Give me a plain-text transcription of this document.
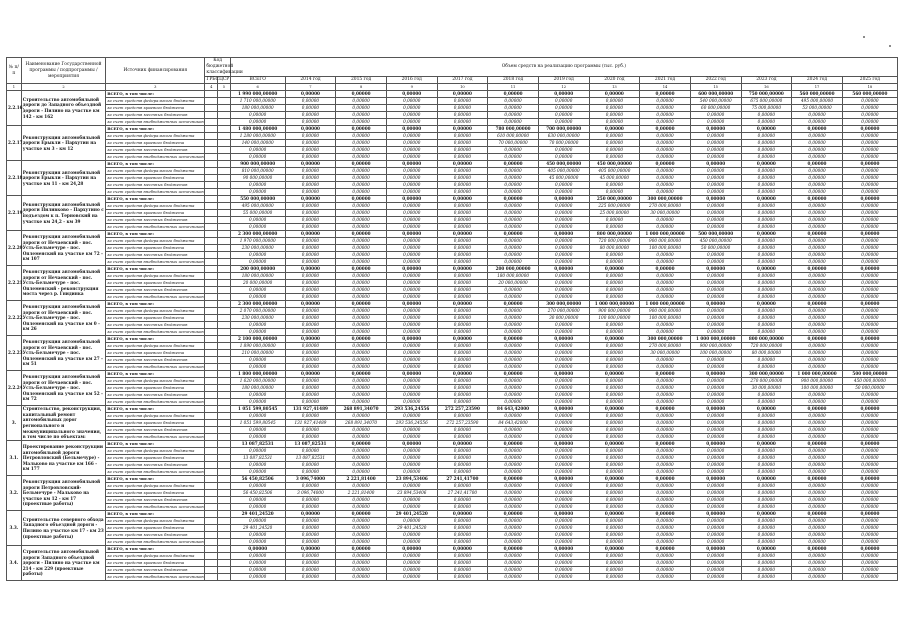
№ п/п	Наименование Государственной программы / подпрограммы / мероприятия	Источник финансирования	Код бюджетной классификации		Объем средств на реализацию программы (тыс. руб.)												
			ГРБС	ЦСР	ВСЕГО	2014 год	2015 год	2016 год	2017 год	2018 год	2019 год	2020 год	2021 год	2022 год	2023 год	2024 год	2025 год
1	2	3	4	5	6	7	8	9	10	11	12	13	14	15	16	17	18
2.2.16.	Строительство автомобильной дороги до Западного объездной дороги - Пилино на участке км 142 - км 162	ВСЕГО, в том числе:			1 990 000,00000	0,00000	0,00000	0,00000	0,00000	0,00000	0,00000	0,00000	0,00000	600 000,00000	750 000,00000	560 000,00000	560 000,00000
		за счет средств федерального бюджета			1 710 000,00000	0,00000	0,00000	0,00000	0,00000	0,00000	0,00000	0,00000	0,00000	540 000,00000	675 000,00000	495 000,00000	0,00000
		за счет средств краевого бюджета			180 000,00000	0,00000	0,00000	0,00000	0,00000	0,00000	0,00000	0,00000	0,00000	60 000,00000	75 000,00000	53 000,00000	0,00000
		за счет средств местных бюджетов			0,00000	0,00000	0,00000	0,00000	0,00000	0,00000	0,00000	0,00000	0,00000	0,00000	0,00000	0,00000	0,00000
		за счет средств внебюджетных источников			0,00000	0,00000	0,00000	0,00000	0,00000	0,00000	0,00000	0,00000	0,00000	0,00000	0,00000	0,00000	0,00000
2.2.17.	Реконструкция автомобильной дороги Ерыкли - Пархутин на участке км 3 - км 12	ВСЕГО, в том числе:			1 480 000,00000	0,00000	0,00000	0,00000	0,00000	780 000,00000	700 000,00000	0,00000	0,00000	0,00000	0,00000	0,00000	0,00000
		за счет средств федерального бюджета			1 280 000,00000	0,00000	0,00000	0,00000	0,00000	610 000,00000	630 000,00000	0,00000	0,00000	0,00000	0,00000	0,00000	0,00000
		за счет средств краевого бюджета			140 000,00000	0,00000	0,00000	0,00000	0,00000	70 000,00000	70 000,00000	0,00000	0,00000	0,00000	0,00000	0,00000	0,00000
		за счет средств местных бюджетов			0,00000	0,00000	0,00000	0,00000	0,00000	0,00000	0,00000	0,00000	0,00000	0,00000	0,00000	0,00000	0,00000
		за счет средств внебюджетных источников			0,00000	0,00000	0,00000	0,00000	0,00000	0,00000	0,00000	0,00000	0,00000	0,00000	0,00000	0,00000	0,00000
2.2.18.	Реконструкция автомобильной дороги Ерыкли - Пархутин на участке км 11 - км 24,28	ВСЕГО, в том числе:			900 000,00000	0,00000	0,00000	0,00000	0,00000	0,00000	450 000,00000	450 000,00000	0,00000	0,00000	0,00000	0,00000	0,00000
		за счет средств федерального бюджета			810 000,00000	0,00000	0,00000	0,00000	0,00000	0,00000	405 000,00000	405 000,00000	0,00000	0,00000	0,00000	0,00000	0,00000
		за счет средств краевого бюджета			90 000,00000	0,00000	0,00000	0,00000	0,00000	0,00000	45 000,00000	45 000,00000	0,00000	0,00000	0,00000	0,00000	0,00000
		за счет средств местных бюджетов			0,00000	0,00000	0,00000	0,00000	0,00000	0,00000	0,00000	0,00000	0,00000	0,00000	0,00000	0,00000	0,00000
		за счет средств внебюджетных источников			0,00000	0,00000	0,00000	0,00000	0,00000	0,00000	0,00000	0,00000	0,00000	0,00000	0,00000	0,00000	0,00000
2.2.19.	Реконструкция автомобильной дороги Пиливково - Пархутино с подъездом к п. Терновский на участке км 24,2 - км 39	ВСЕГО, в том числе:			550 000,00000	0,00000	0,00000	0,00000	0,00000	0,00000	0,00000	250 000,00000	300 000,00000	0,00000	0,00000	0,00000	0,00000
		за счет средств федерального бюджета			495 000,00000	0,00000	0,00000	0,00000	0,00000	0,00000	0,00000	225 000,00000	270 000,00000	0,00000	0,00000	0,00000	0,00000
		за счет средств краевого бюджета			55 000,00000	0,00000	0,00000	0,00000	0,00000	0,00000	0,00000	25 000,00000	30 000,00000	0,00000	0,00000	0,00000	0,00000
		за счет средств местных бюджетов			0,00000	0,00000	0,00000	0,00000	0,00000	0,00000	0,00000	0,00000	0,00000	0,00000	0,00000	0,00000	0,00000
		за счет средств внебюджетных источников			0,00000	0,00000	0,00000	0,00000	0,00000	0,00000	0,00000	0,00000	0,00000	0,00000	0,00000	0,00000	0,00000
2.2.20.	Реконструкция автомобильной дороги от Нечаевский - пос. Усть-Бельмечуре - пос. Оплеменский на участке км 72 - км 107	ВСЕГО, в том числе:			2 300 000,00000	0,00000	0,00000	0,00000	0,00000	0,00000	0,00000	800 000,00000	1 000 000,00000	500 000,00000	0,00000	0,00000	0,00000
		за счет средств федерального бюджета			1 970 000,00000	0,00000	0,00000	0,00000	0,00000	0,00000	0,00000	720 000,00000	900 000,00000	450 000,00000	0,00000	0,00000	0,00000
		за счет средств краевого бюджета			230 000,00000	0,00000	0,00000	0,00000	0,00000	0,00000	0,00000	80 000,00000	100 000,00000	50 000,00000	0,00000	0,00000	0,00000
		за счет средств местных бюджетов			0,00000	0,00000	0,00000	0,00000	0,00000	0,00000	0,00000	0,00000	0,00000	0,00000	0,00000	0,00000	0,00000
		за счет средств внебюджетных источников			0,00000	0,00000	0,00000	0,00000	0,00000	0,00000	0,00000	0,00000	0,00000	0,00000	0,00000	0,00000	0,00000
2.2.21.	Реконструкция автомобильной дороги от Нечаевский - пос. Усть-Бельмечуре - пос. Оплеменский - реконструкция моста через р. Гнидинка	ВСЕГО, в том числе:			200 000,00000	0,00000	0,00000	0,00000	0,00000	200 000,00000	0,00000	0,00000	0,00000	0,00000	0,00000	0,00000	0,00000
		за счет средств федерального бюджета			180 000,00000	0,00000	0,00000	0,00000	0,00000	180 000,00000	0,00000	0,00000	0,00000	0,00000	0,00000	0,00000	0,00000
		за счет средств краевого бюджета			20 000,00000	0,00000	0,00000	0,00000	0,00000	20 000,00000	0,00000	0,00000	0,00000	0,00000	0,00000	0,00000	0,00000
		за счет средств местных бюджетов			0,00000	0,00000	0,00000	0,00000	0,00000	0,00000	0,00000	0,00000	0,00000	0,00000	0,00000	0,00000	0,00000
		за счет средств внебюджетных источников			0,00000	0,00000	0,00000	0,00000	0,00000	0,00000	0,00000	0,00000	0,00000	0,00000	0,00000	0,00000	0,00000
2.2.22.	Реконструкция автомобильной дороги от Нечаевский - пос. Усть-Бельмечуре - пос. Оплеменский на участке км 0 - км 26	ВСЕГО, в том числе:			2 300 000,00000	0,00000	0,00000	0,00000	0,00000	0,00000	300 000,00000	1 000 000,00000	1 000 000,00000	0,00000	0,00000	0,00000	0,00000
		за счет средств федерального бюджета			2 070 000,00000	0,00000	0,00000	0,00000	0,00000	0,00000	270 000,00000	900 000,00000	900 000,00000	0,00000	0,00000	0,00000	0,00000
		за счет средств краевого бюджета			230 000,00000	0,00000	0,00000	0,00000	0,00000	0,00000	30 000,00000	100 000,00000	100 000,00000	0,00000	0,00000	0,00000	0,00000
		за счет средств местных бюджетов			0,00000	0,00000	0,00000	0,00000	0,00000	0,00000	0,00000	0,00000	0,00000	0,00000	0,00000	0,00000	0,00000
		за счет средств внебюджетных источников			0,00000	0,00000	0,00000	0,00000	0,00000	0,00000	0,00000	0,00000	0,00000	0,00000	0,00000	0,00000	0,00000
2.2.23.	Реконструкция автомобильной дороги от Нечаевский - пос. Усть-Бельмечуре - пос. Оплеменский на участке км 27 - км 51	ВСЕГО, в том числе:			2 100 000,00000	0,00000	0,00000	0,00000	0,00000	0,00000	0,00000	0,00000	300 000,00000	1 000 000,00000	800 000,00000	0,00000	0,00000
		за счет средств федерального бюджета			1 890 000,00000	0,00000	0,00000	0,00000	0,00000	0,00000	0,00000	0,00000	270 000,00000	900 000,00000	720 000,00000	0,00000	0,00000
		за счет средств краевого бюджета			210 000,00000	0,00000	0,00000	0,00000	0,00000	0,00000	0,00000	0,00000	30 000,00000	100 000,00000	80 000,00000	0,00000	0,00000
		за счет средств местных бюджетов			0,00000	0,00000	0,00000	0,00000	0,00000	0,00000	0,00000	0,00000	0,00000	0,00000	0,00000	0,00000	0,00000
		за счет средств внебюджетных источников			0,00000	0,00000	0,00000	0,00000	0,00000	0,00000	0,00000	0,00000	0,00000	0,00000	0,00000	0,00000	0,00000
2.2.24.	Реконструкция автомобильной дороги от Нечаевский - пос. Усть-Бельмечуре - пос. Оплеменский на участке км 52 - км 72	ВСЕГО, в том числе:			1 800 000,00000	0,00000	0,00000	0,00000	0,00000	0,00000	0,00000	0,00000	0,00000	0,00000	300 000,00000	1 000 000,00000	500 000,00000
		за счет средств федерального бюджета			1 620 000,00000	0,00000	0,00000	0,00000	0,00000	0,00000	0,00000	0,00000	0,00000	0,00000	270 000,00000	900 000,00000	450 000,00000
		за счет средств краевого бюджета			180 000,00000	0,00000	0,00000	0,00000	0,00000	0,00000	0,00000	0,00000	0,00000	0,00000	30 000,00000	100 000,00000	50 000,00000
		за счет средств местных бюджетов			0,00000	0,00000	0,00000	0,00000	0,00000	0,00000	0,00000	0,00000	0,00000	0,00000	0,00000	0,00000	0,00000
		за счет средств внебюджетных источников			0,00000	0,00000	0,00000	0,00000	0,00000	0,00000	0,00000	0,00000	0,00000	0,00000	0,00000	0,00000	0,00000
3.	Строительство, реконструкция, капитальный ремонт автомобильных дорог регионального и межмуниципального значения, в том числе по объектам:	ВСЕГО, в том числе:			1 051 599,80545	131 927,41489	268 891,34070	293 536,24556	272 257,23590	84 643,42000	0,00000	0,00000	0,00000	0,00000	0,00000	0,00000	0,00000
		за счет средств федерального бюджета			0,00000	0,00000	0,00000	0,00000	0,00000	0,00000	0,00000	0,00000	0,00000	0,00000	0,00000	0,00000	0,00000
		за счет средств краевого бюджета			1 051 599,80545	131 927,41489	268 891,34070	293 536,24556	272 257,23590	84 643,42000	0,00000	0,00000	0,00000	0,00000	0,00000	0,00000	0,00000
		за счет средств местных бюджетов			0,00000	0,00000	0,00000	0,00000	0,00000	0,00000	0,00000	0,00000	0,00000	0,00000	0,00000	0,00000	0,00000
		за счет средств внебюджетных источников			0,00000	0,00000	0,00000	0,00000	0,00000	0,00000	0,00000	0,00000	0,00000	0,00000	0,00000	0,00000	0,00000
3.1.	Проектирование реконструкции автомобильной дороги Петровловский (Бельмечуре) - Мальково на участке км 166 - км 177	ВСЕГО, в том числе:			13 087,82531	13 087,82531	0,00000	0,00000	0,00000	0,00000	0,00000	0,00000	0,00000	0,00000	0,00000	0,00000	0,00000
		за счет средств федерального бюджета			0,00000	0,00000	0,00000	0,00000	0,00000	0,00000	0,00000	0,00000	0,00000	0,00000	0,00000	0,00000	0,00000
		за счет средств краевого бюджета			13 087,82531	13 087,82531	0,00000	0,00000	0,00000	0,00000	0,00000	0,00000	0,00000	0,00000	0,00000	0,00000	0,00000
		за счет средств местных бюджетов			0,00000	0,00000	0,00000	0,00000	0,00000	0,00000	0,00000	0,00000	0,00000	0,00000	0,00000	0,00000	0,00000
		за счет средств внебюджетных источников			0,00000	0,00000	0,00000	0,00000	0,00000	0,00000	0,00000	0,00000	0,00000	0,00000	0,00000	0,00000	0,00000
3.2.	Реконструкция автомобильной дороги Петровловский-Бельмечуре - Мальково на участке км 12 - км 17 (проектные работы)	ВСЕГО, в том числе:			56 450,82506	3 096,74000	2 221,81400	23 894,53406	27 241,41700	0,00000	0,00000	0,00000	0,00000	0,00000	0,00000	0,00000	0,00000
		за счет средств федерального бюджета			0,00000	0,00000	0,00000	0,00000	0,00000	0,00000	0,00000	0,00000	0,00000	0,00000	0,00000	0,00000	0,00000
		за счет средств краевого бюджета			56 450,82506	3 096,74000	2 221,81400	23 894,53406	27 241,41700	0,00000	0,00000	0,00000	0,00000	0,00000	0,00000	0,00000	0,00000
		за счет средств местных бюджетов			0,00000	0,00000	0,00000	0,00000	0,00000	0,00000	0,00000	0,00000	0,00000	0,00000	0,00000	0,00000	0,00000
		за счет средств внебюджетных источников			0,00000	0,00000	0,00000	0,00000	0,00000	0,00000	0,00000	0,00000	0,00000	0,00000	0,00000	0,00000	0,00000
3.3.	Строительство северного обхода Западного объездной дороги - Пилино на участке км 17 - км 23 (проектные работы)	ВСЕГО, в том числе:			29 401,24520	0,00000	0,00000	29 401,24520	0,00000	0,00000	0,00000	0,00000	0,00000	0,00000	0,00000	0,00000	0,00000
		за счет средств федерального бюджета			0,00000	0,00000	0,00000	0,00000	0,00000	0,00000	0,00000	0,00000	0,00000	0,00000	0,00000	0,00000	0,00000
		за счет средств краевого бюджета			29 401,24520	0,00000	0,00000	29 401,24520	0,00000	0,00000	0,00000	0,00000	0,00000	0,00000	0,00000	0,00000	0,00000
		за счет средств местных бюджетов			0,00000	0,00000	0,00000	0,00000	0,00000	0,00000	0,00000	0,00000	0,00000	0,00000	0,00000	0,00000	0,00000
		за счет средств внебюджетных источников			0,00000	0,00000	0,00000	0,00000	0,00000	0,00000	0,00000	0,00000	0,00000	0,00000	0,00000	0,00000	0,00000
3.4.	Строительство автомобильной дороги Западного объездной дороги - Пилино на участке км 214 - км 229 (проектные работы)	ВСЕГО, в том числе:			0,00000	0,00000	0,00000	0,00000	0,00000	0,00000	0,00000	0,00000	0,00000	0,00000	0,00000	0,00000	0,00000
		за счет средств федерального бюджета			0,00000	0,00000	0,00000	0,00000	0,00000	0,00000	0,00000	0,00000	0,00000	0,00000	0,00000	0,00000	0,00000
		за счет средств краевого бюджета			0,00000	0,00000	0,00000	0,00000	0,00000	0,00000	0,00000	0,00000	0,00000	0,00000	0,00000	0,00000	0,00000
		за счет средств местных бюджетов			0,00000	0,00000	0,00000	0,00000	0,00000	0,00000	0,00000	0,00000	0,00000	0,00000	0,00000	0,00000	0,00000
		за счет средств внебюджетных источников			0,00000	0,00000	0,00000	0,00000	0,00000	0,00000	0,00000	0,00000	0,00000	0,00000	0,00000	0,00000	0,00000
